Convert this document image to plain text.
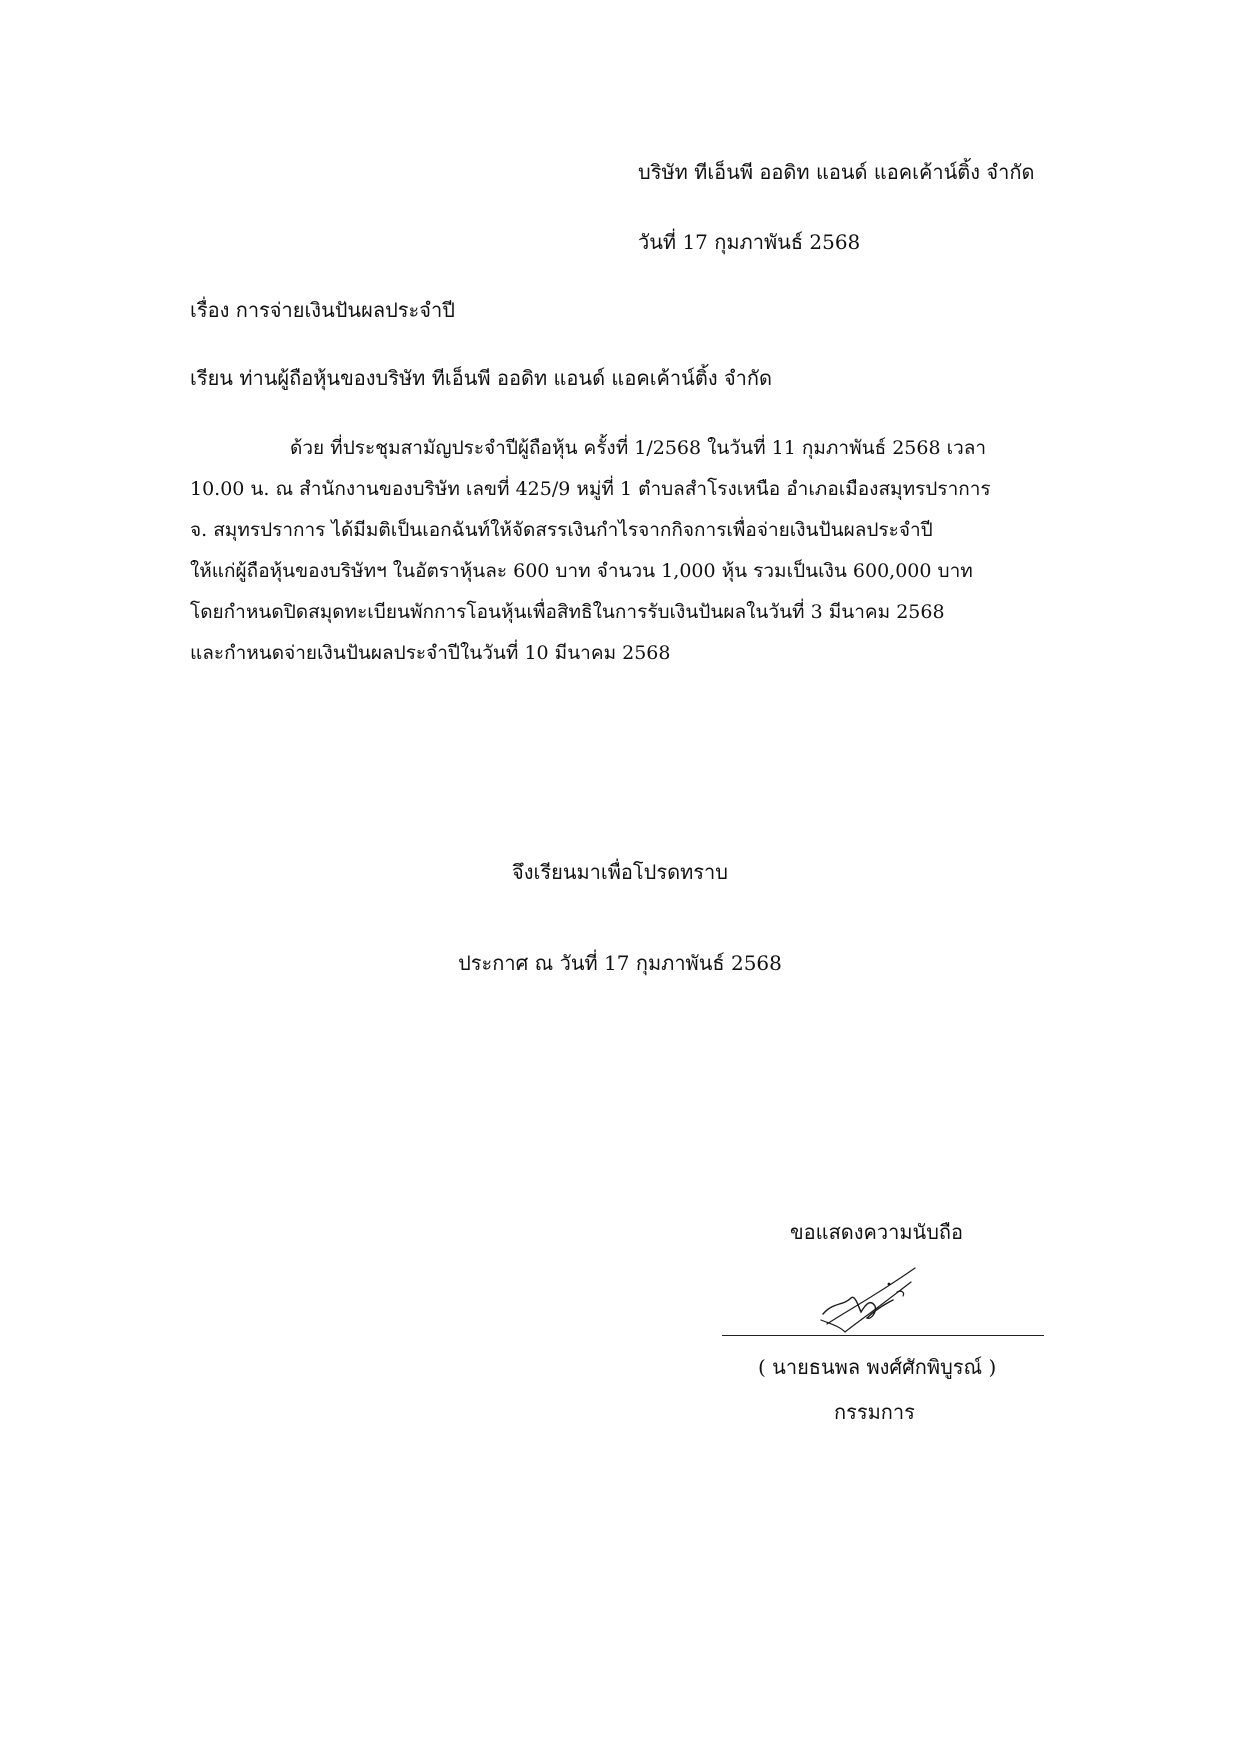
บริษัท ทีเอ็นพี ออดิท แอนด์ แอคเค้าน์ติ้ง จำกัด
วันที่ 17 กุมภาพันธ์ 2568
เรื่อง การจ่ายเงินปันผลประจำปี
เรียน ท่านผู้ถือหุ้นของบริษัท ทีเอ็นพี ออดิท แอนด์ แอคเค้าน์ติ้ง จำกัด
ด้วย ที่ประชุมสามัญประจำปีผู้ถือหุ้น ครั้งที่ 1/2568 ในวันที่ 11 กุมภาพันธ์ 2568 เวลา
10.00 น. ณ สำนักงานของบริษัท เลขที่ 425/9 หมู่ที่ 1 ตำบลสำโรงเหนือ อำเภอเมืองสมุทรปราการ
จ. สมุทรปราการ ได้มีมติเป็นเอกฉันท์ให้จัดสรรเงินกำไรจากกิจการเพื่อจ่ายเงินปันผลประจำปี
ให้แก่ผู้ถือหุ้นของบริษัทฯ ในอัตราหุ้นละ 600 บาท จำนวน 1,000 หุ้น รวมเป็นเงิน 600,000 บาท
โดยกำหนดปิดสมุดทะเบียนพักการโอนหุ้นเพื่อสิทธิในการรับเงินปันผลในวันที่ 3 มีนาคม 2568
และกำหนดจ่ายเงินปันผลประจำปีในวันที่ 10 มีนาคม 2568
จึงเรียนมาเพื่อโปรดทราบ
ประกาศ ณ วันที่ 17 กุมภาพันธ์ 2568
ขอแสดงความนับถือ
( นายธนพล พงศ์ศักพิบูรณ์ )
กรรมการ
